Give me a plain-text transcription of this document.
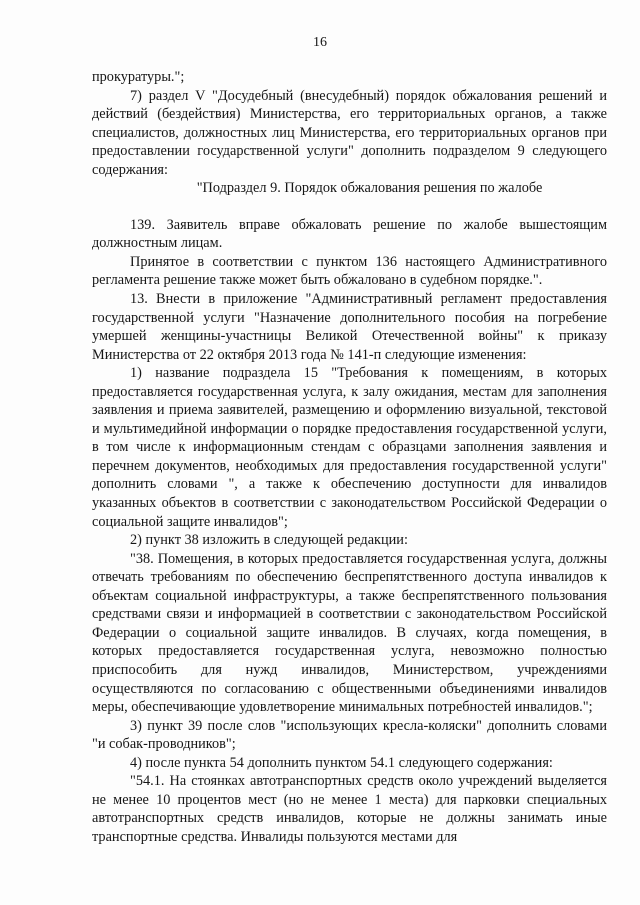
16

прокуратуры.";

7) раздел V "Досудебный (внесудебный) порядок обжалования решений и действий (бездействия) Министерства, его территориальных органов, а также специалистов, должностных лиц Министерства, его территориальных органов при предоставлении государственной услуги" дополнить подразделом 9 следующего содержания:

"Подраздел 9. Порядок обжалования решения по жалобе

139. Заявитель вправе обжаловать решение по жалобе вышестоящим должностным лицам.

Принятое в соответствии с пунктом 136 настоящего Административного регламента решение также может быть обжаловано в судебном порядке.".

13. Внести в приложение "Административный регламент предоставления государственной услуги "Назначение дополнительного пособия на погребение умершей женщины-участницы Великой Отечественной войны" к приказу Министерства от 22 октября 2013 года № 141-п следующие изменения:

1) название подраздела 15 "Требования к помещениям, в которых предоставляется государственная услуга, к залу ожидания, местам для заполнения заявления и приема заявителей, размещению и оформлению визуальной, текстовой и мультимедийной информации о порядке предоставления государственной услуги, в том числе к информационным стендам с образцами заполнения заявления и перечнем документов, необходимых для предоставления государственной услуги" дополнить словами ", а также к обеспечению доступности для инвалидов указанных объектов в соответствии с законодательством Российской Федерации о социальной защите инвалидов";

2) пункт 38 изложить в следующей редакции:

"38. Помещения, в которых предоставляется государственная услуга, должны отвечать требованиям по обеспечению беспрепятственного доступа инвалидов к объектам социальной инфраструктуры, а также беспрепятственного пользования средствами связи и информацией в соответствии с законодательством Российской Федерации о социальной защите инвалидов. В случаях, когда помещения, в которых предоставляется государственная услуга, невозможно полностью приспособить для нужд инвалидов, Министерством, учреждениями осуществляются по согласованию с общественными объединениями инвалидов меры, обеспечивающие удовлетворение минимальных потребностей инвалидов.";

3) пункт 39 после слов "использующих кресла-коляски" дополнить словами "и собак-проводников";

4) после пункта 54 дополнить пунктом 54.1 следующего содержания:

"54.1. На стоянках автотранспортных средств около учреждений выделяется не менее 10 процентов мест (но не менее 1 места) для парковки специальных автотранспортных средств инвалидов, которые не должны занимать иные транспортные средства. Инвалиды пользуются местами для
